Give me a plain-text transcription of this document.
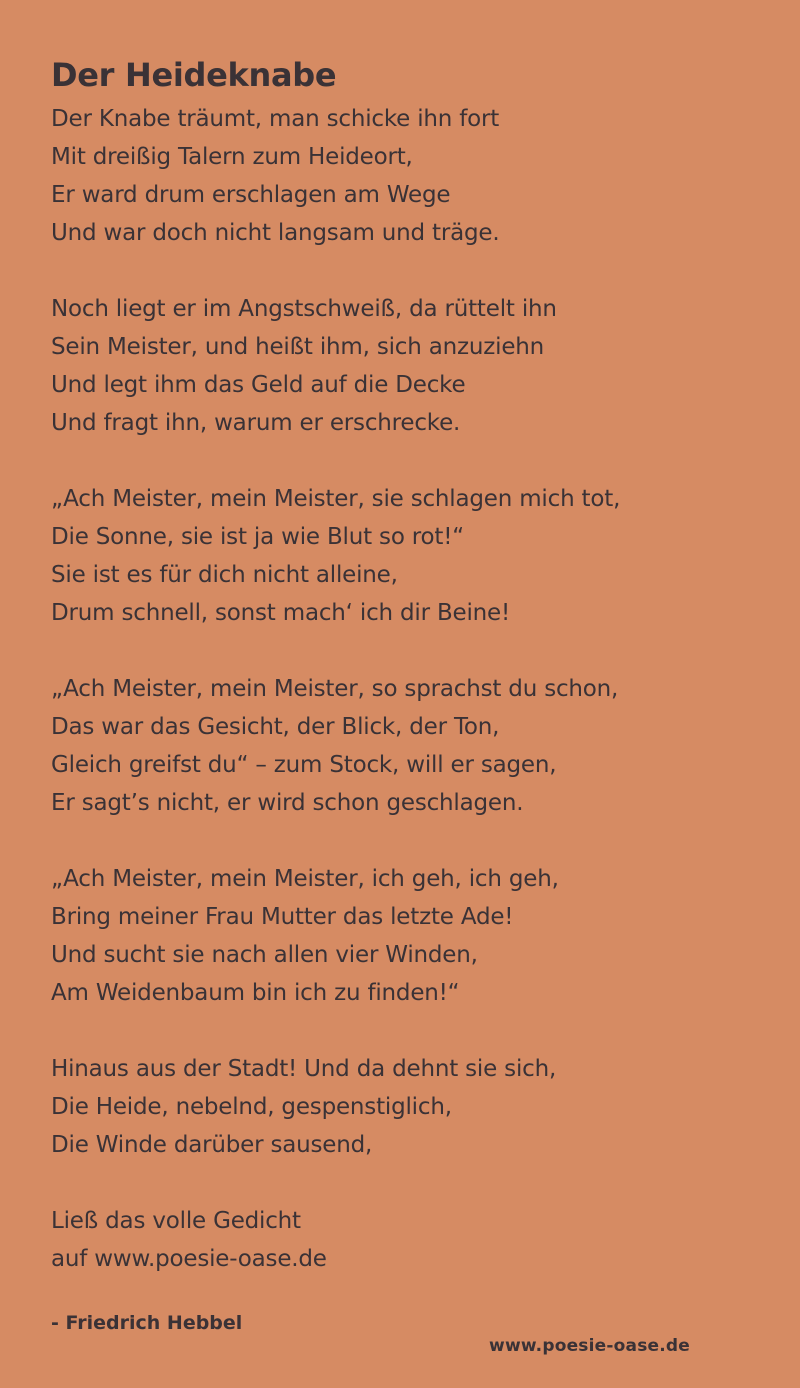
Der Heideknabe
Der Knabe träumt, man schicke ihn fort
Mit dreißig Talern zum Heideort,
Er ward drum erschlagen am Wege
Und war doch nicht langsam und träge.
Noch liegt er im Angstschweiß, da rüttelt ihn
Sein Meister, und heißt ihm, sich anzuziehn
Und legt ihm das Geld auf die Decke
Und fragt ihn, warum er erschrecke.
„Ach Meister, mein Meister, sie schlagen mich tot,
Die Sonne, sie ist ja wie Blut so rot!“
Sie ist es für dich nicht alleine,
Drum schnell, sonst mach‘ ich dir Beine!
„Ach Meister, mein Meister, so sprachst du schon,
Das war das Gesicht, der Blick, der Ton,
Gleich greifst du“ – zum Stock, will er sagen,
Er sagt’s nicht, er wird schon geschlagen.
„Ach Meister, mein Meister, ich geh, ich geh,
Bring meiner Frau Mutter das letzte Ade!
Und sucht sie nach allen vier Winden,
Am Weidenbaum bin ich zu finden!“
Hinaus aus der Stadt! Und da dehnt sie sich,
Die Heide, nebelnd, gespenstiglich,
Die Winde darüber sausend,
Ließ das volle Gedicht
auf www.poesie-oase.de
- Friedrich Hebbel
www.poesie-oase.de
